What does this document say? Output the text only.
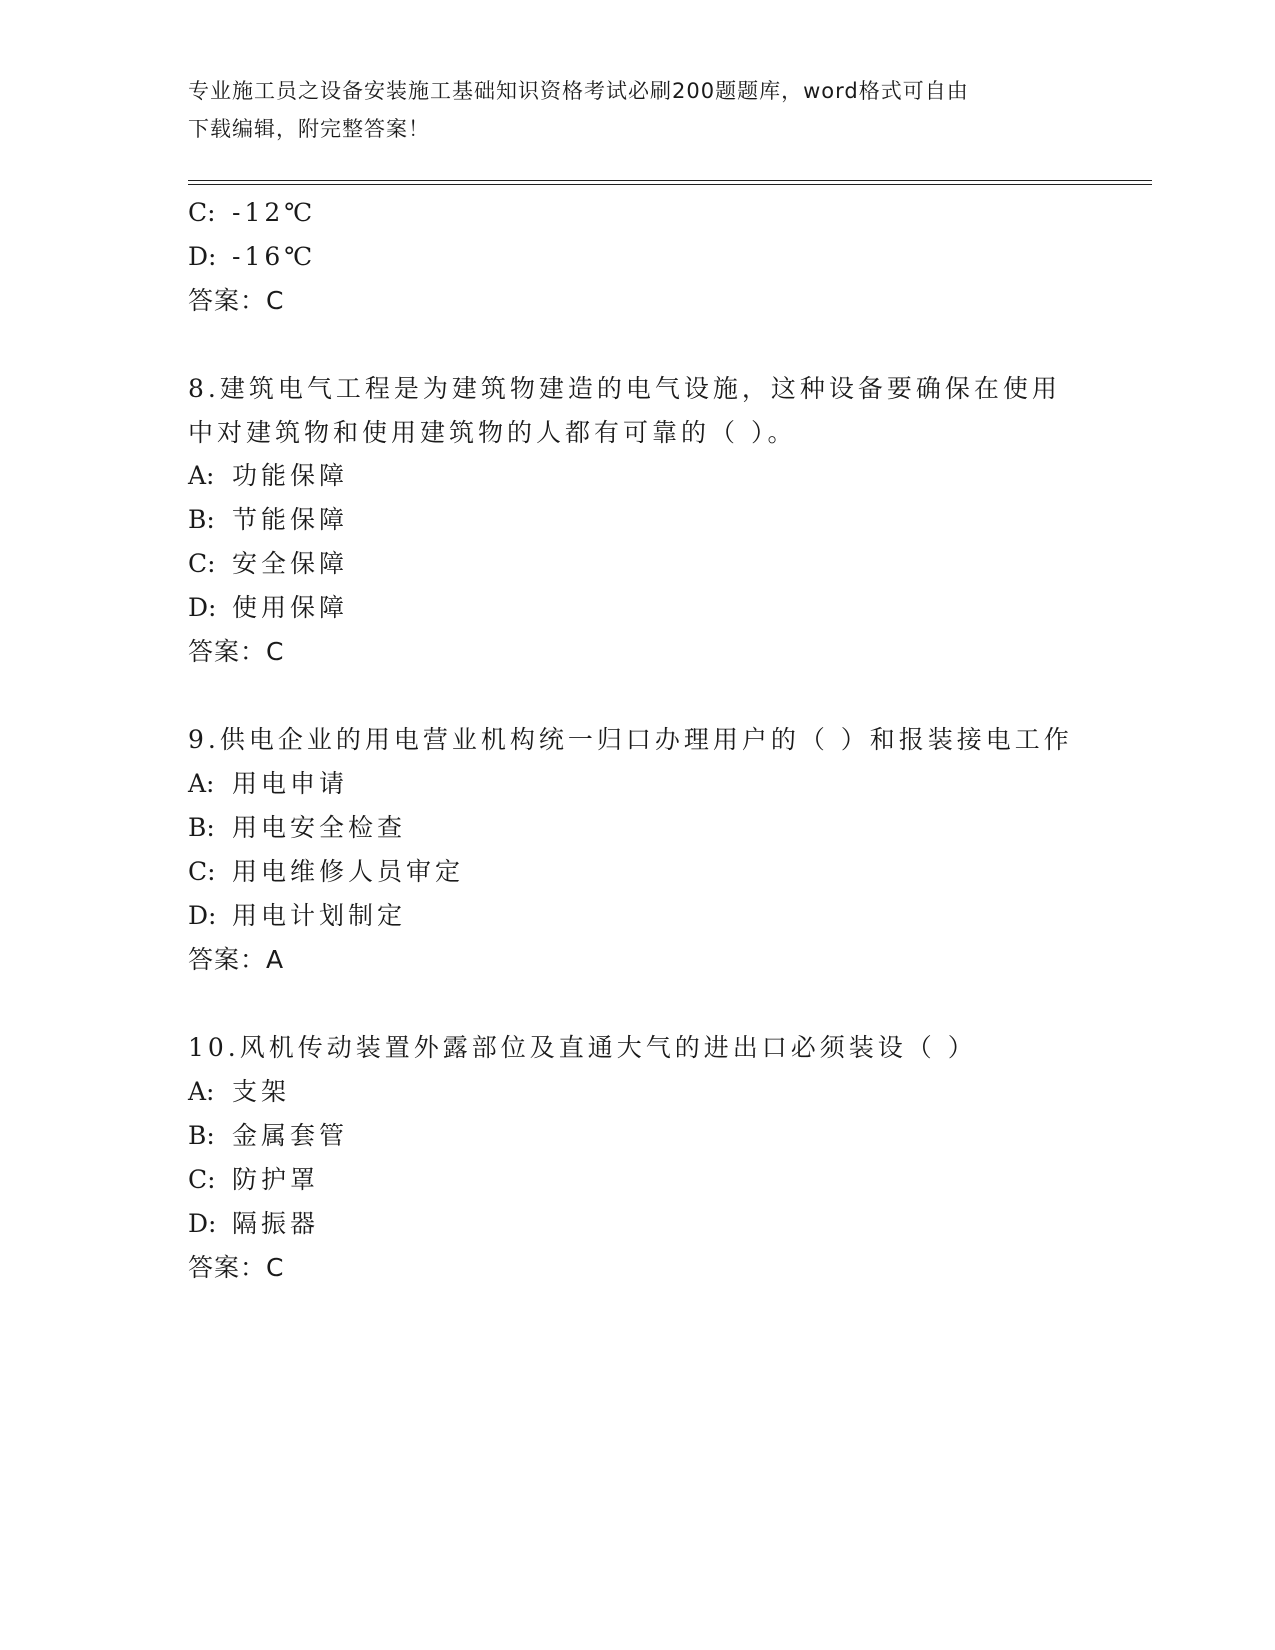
专业施工员之设备安装施工基础知识资格考试必刷200题题库，word格式可自由
下载编辑，附完整答案！
C: -12℃
D: -16℃
答案：C
8.建筑电气工程是为建筑物建造的电气设施，这种设备要确保在使用
中对建筑物和使用建筑物的人都有可靠的（ ）。
A: 功能保障
B: 节能保障
C: 安全保障
D: 使用保障
答案：C
9.供电企业的用电营业机构统一归口办理用户的（ ）和报装接电工作
A: 用电申请
B: 用电安全检查
C: 用电维修人员审定
D: 用电计划制定
答案：A
10.风机传动装置外露部位及直通大气的进出口必须装设（ ）
A: 支架
B: 金属套管
C: 防护罩
D: 隔振器
答案：C
